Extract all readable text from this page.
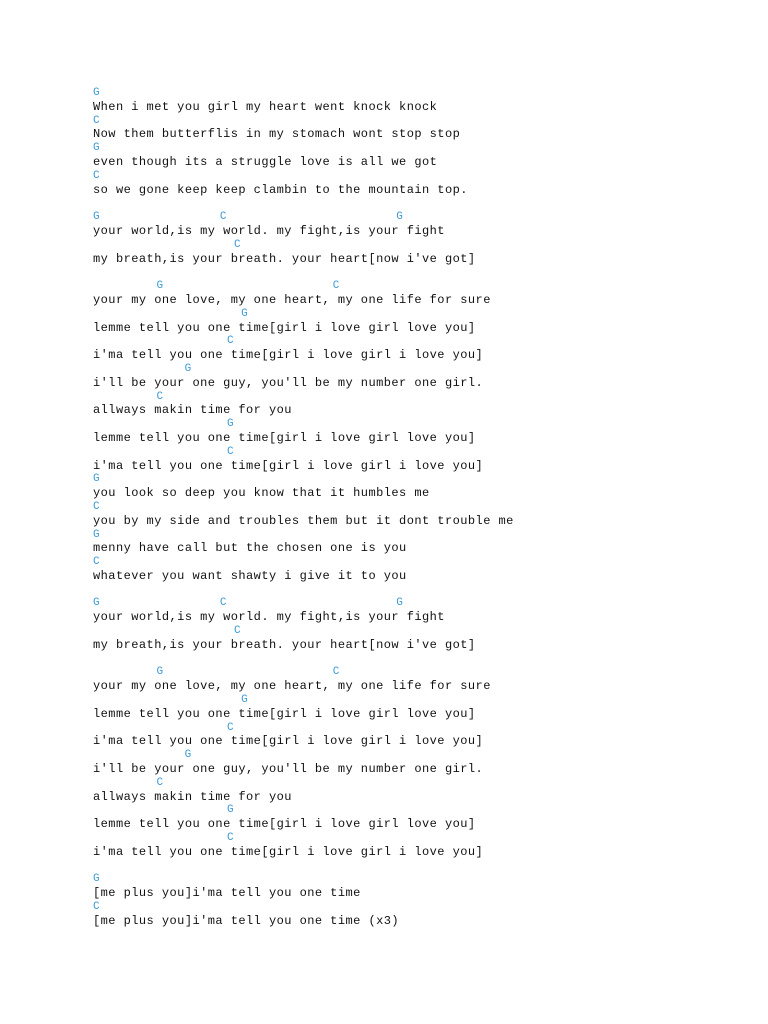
G
When i met you girl my heart went knock knock
C
Now them butterflis in my stomach wont stop stop
G
even though its a struggle love is all we got
C
so we gone keep keep clambin to the mountain top.
G                 C                        G
your world,is my world. my fight,is your fight
C
my breath,is your breath. your heart[now i've got]
G                        C
your my one love, my one heart, my one life for sure
G
lemme tell you one time[girl i love girl love you]
C
i'ma tell you one time[girl i love girl i love you]
G
i'll be your one guy, you'll be my number one girl.
C
allways makin time for you
G
lemme tell you one time[girl i love girl love you]
C
i'ma tell you one time[girl i love girl i love you]
G
you look so deep you know that it humbles me
C
you by my side and troubles them but it dont trouble me
G
menny have call but the chosen one is you
C
whatever you want shawty i give it to you
G                 C                        G
your world,is my world. my fight,is your fight
C
my breath,is your breath. your heart[now i've got]
G                        C
your my one love, my one heart, my one life for sure
G
lemme tell you one time[girl i love girl love you]
C
i'ma tell you one time[girl i love girl i love you]
G
i'll be your one guy, you'll be my number one girl.
C
allways makin time for you
G
lemme tell you one time[girl i love girl love you]
C
i'ma tell you one time[girl i love girl i love you]
G
[me plus you]i'ma tell you one time
C
[me plus you]i'ma tell you one time (x3)
